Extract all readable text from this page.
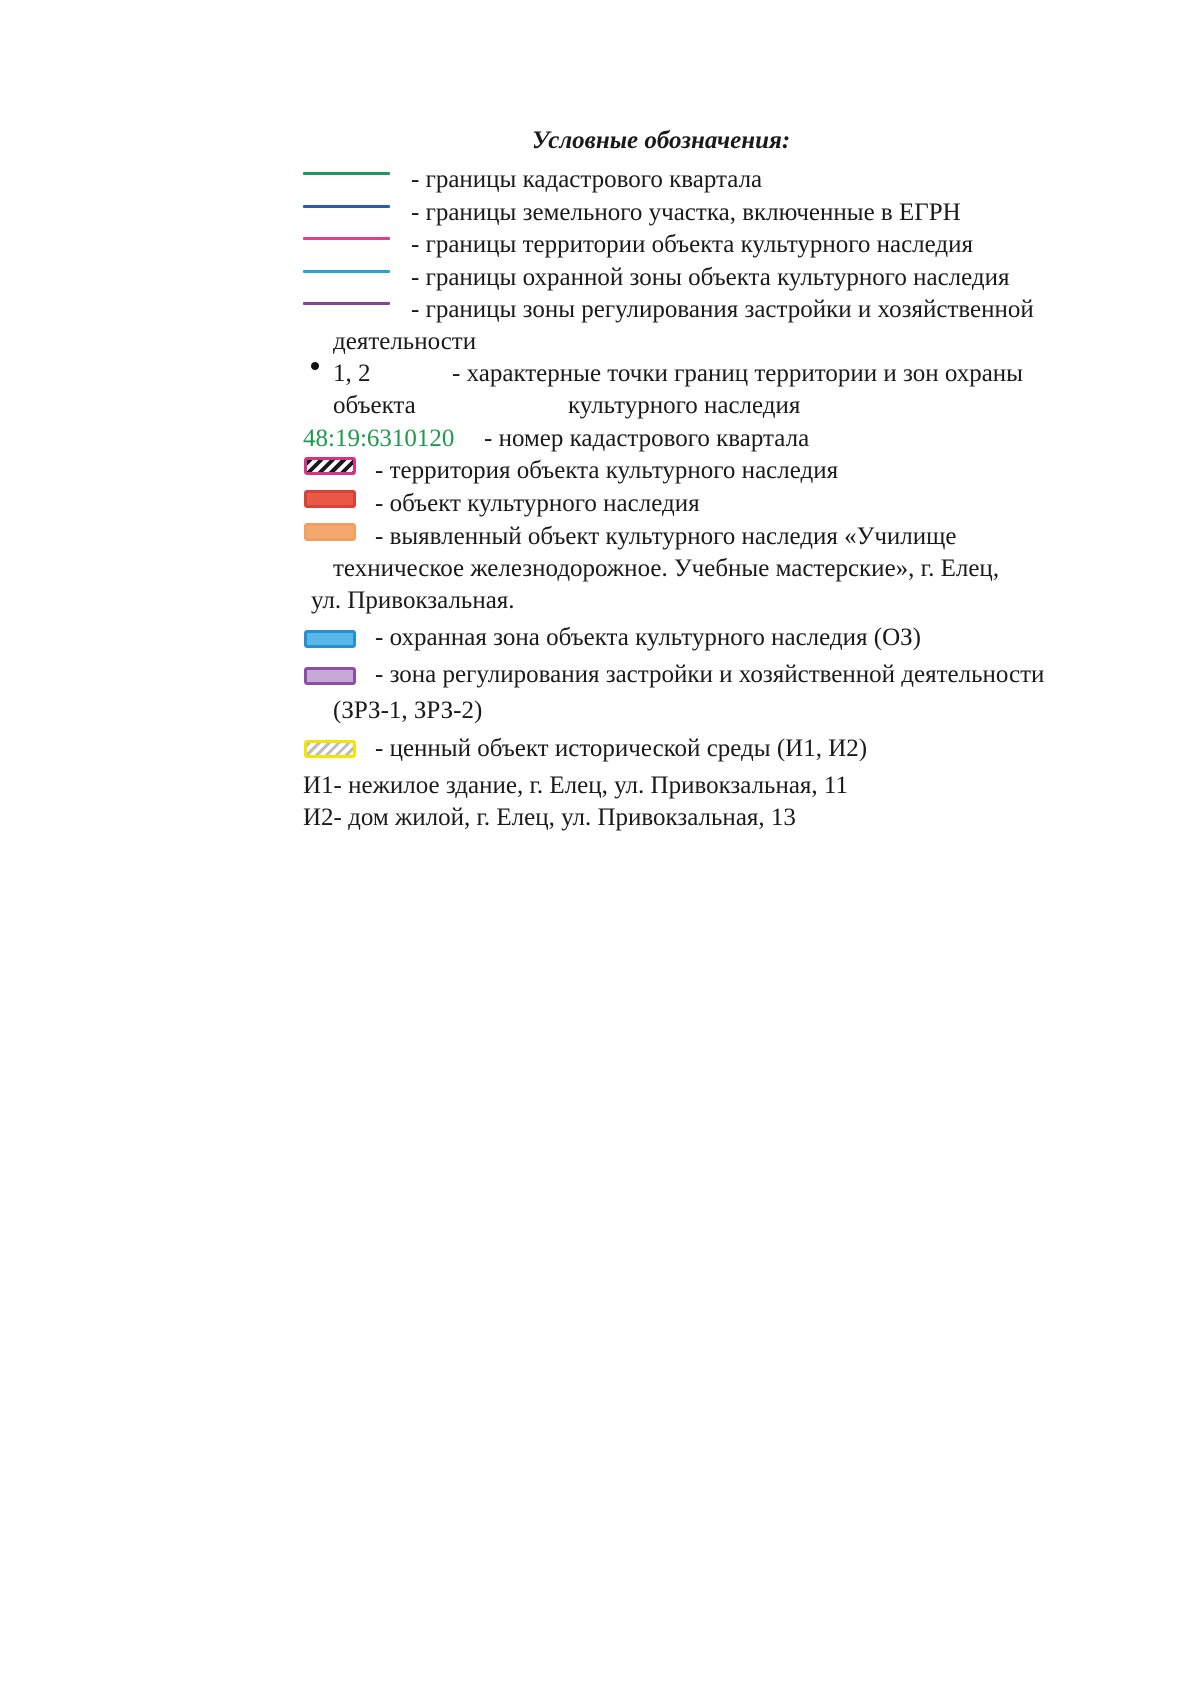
Условные обозначения:
- границы кадастрового квартала
- границы земельного участка, включенные в ЕГРН
- границы территории объекта культурного наследия
- границы охранной зоны объекта культурного наследия
- границы зоны регулирования застройки и хозяйственной
деятельности
1, 2	- характерные точки границ территории и зон охраны
объекта	культурного наследия
48:19:6310120 - номер кадастрового квартала
- территория объекта культурного наследия
- объект культурного наследия
- выявленный объект культурного наследия «Училище
техническое железнодорожное. Учебные мастерские», г. Елец,
ул. Привокзальная.
- охранная зона объекта культурного наследия (ОЗ)
- зона регулирования застройки и хозяйственной деятельности
(ЗРЗ-1, ЗРЗ-2)
- ценный объект исторической среды (И1, И2)
И1- нежилое здание, г. Елец, ул. Привокзальная, 11
И2- дом жилой, г. Елец, ул. Привокзальная, 13
